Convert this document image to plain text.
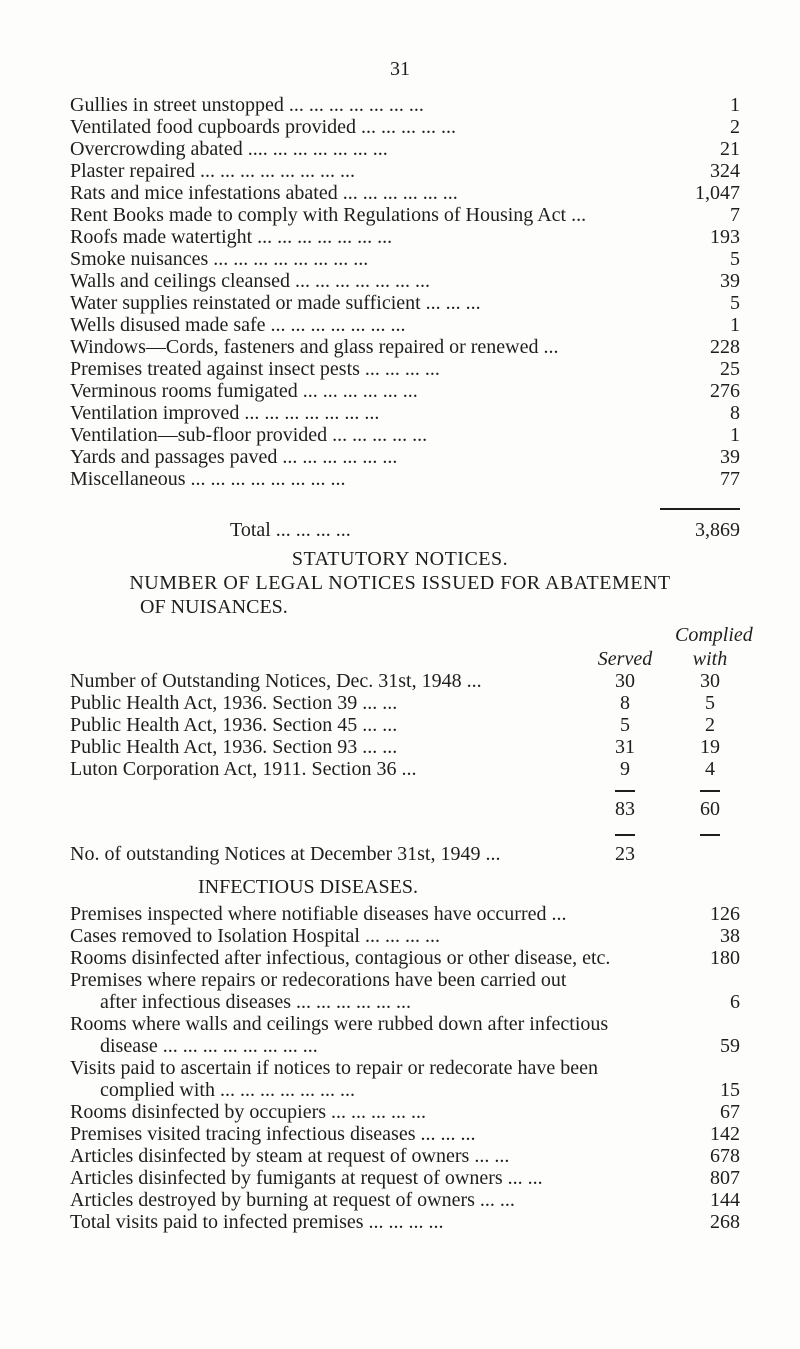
31
Gullies in street unstopped ... ... ... ... ... ... ...	1
Ventilated food cupboards provided ... ... ... ... ...	2
Overcrowding abated .... ... ... ... ... ... ...	21
Plaster repaired ... ... ... ... ... ... ... ...	324
Rats and mice infestations abated ... ... ... ... ... ...	1,047
Rent Books made to comply with Regulations of Housing Act ...	7
Roofs made watertight ... ... ... ... ... ... ...	193
Smoke nuisances ... ... ... ... ... ... ... ...	5
Walls and ceilings cleansed ... ... ... ... ... ... ...	39
Water supplies reinstated or made sufficient ... ... ...	5
Wells disused made safe ... ... ... ... ... ... ...	1
Windows—Cords, fasteners and glass repaired or renewed ...	228
Premises treated against insect pests ... ... ... ...	25
Verminous rooms fumigated ... ... ... ... ... ...	276
Ventilation improved ... ... ... ... ... ... ...	8
Ventilation—sub-floor provided ... ... ... ... ...	1
Yards and passages paved ... ... ... ... ... ...	39
Miscellaneous ... ... ... ... ... ... ... ...	77
Total ... ... ... ...	3,869
STATUTORY NOTICES.
NUMBER OF LEGAL NOTICES ISSUED FOR ABATEMENT
OF NUISANCES.
Complied
Served	with
Number of Outstanding Notices, Dec. 31st, 1948 ...	30	30
Public Health Act, 1936. Section 39 ... ...	8	5
Public Health Act, 1936. Section 45 ... ...	5	2
Public Health Act, 1936. Section 93 ... ...	31	19
Luton Corporation Act, 1911. Section 36 ...	9	4
83	60
No. of outstanding Notices at December 31st, 1949 ...	23
INFECTIOUS DISEASES.
Premises inspected where notifiable diseases have occurred ...	126
Cases removed to Isolation Hospital ... ... ... ...	38
Rooms disinfected after infectious, contagious or other disease, etc.	180
Premises where repairs or redecorations have been carried out
after infectious diseases ... ... ... ... ... ...	6
Rooms where walls and ceilings were rubbed down after infectious
disease ... ... ... ... ... ... ... ...	59
Visits paid to ascertain if notices to repair or redecorate have been
complied with ... ... ... ... ... ... ...	15
Rooms disinfected by occupiers ... ... ... ... ...	67
Premises visited tracing infectious diseases ... ... ...	142
Articles disinfected by steam at request of owners ... ...	678
Articles disinfected by fumigants at request of owners ... ...	807
Articles destroyed by burning at request of owners ... ...	144
Total visits paid to infected premises ... ... ... ...	268
